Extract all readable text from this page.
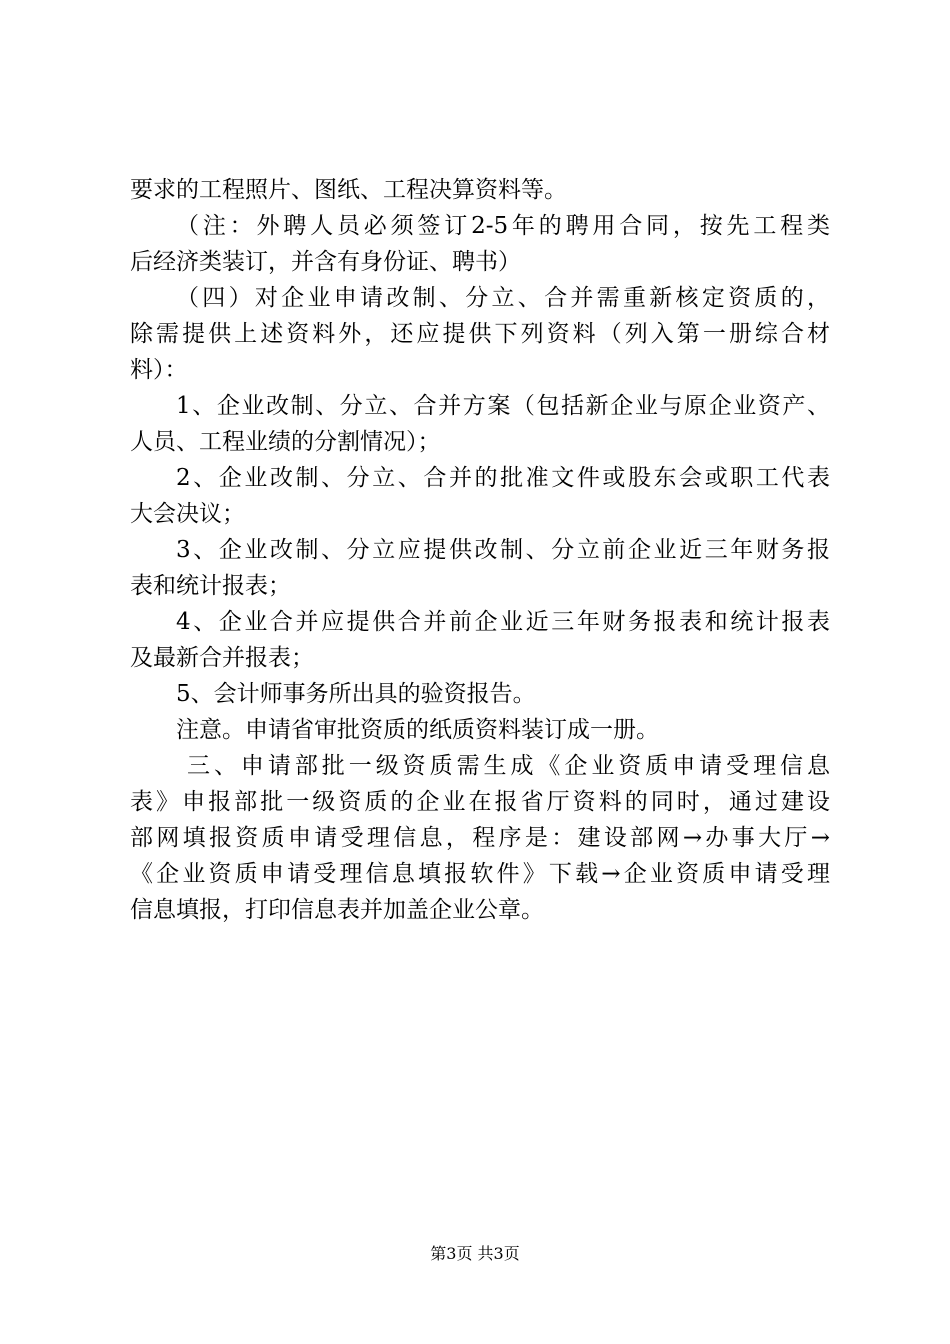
要求的工程照片、图纸、工程决算资料等。
（注：外聘人员必须签订2-5年的聘用合同，按先工程类
后经济类装订，并含有身份证、聘书）
（四）对企业申请改制、分立、合并需重新核定资质的，
除需提供上述资料外，还应提供下列资料（列入第一册综合材
料）：
1、企业改制、分立、合并方案（包括新企业与原企业资产、
人员、工程业绩的分割情况）；
2、企业改制、分立、合并的批准文件或股东会或职工代表
大会决议；
3、企业改制、分立应提供改制、分立前企业近三年财务报
表和统计报表；
4、企业合并应提供合并前企业近三年财务报表和统计报表
及最新合并报表；
5、会计师事务所出具的验资报告。
注意。申请省审批资质的纸质资料装订成一册。
三、申请部批一级资质需生成《企业资质申请受理信息
表》申报部批一级资质的企业在报省厅资料的同时，通过建设
部网填报资质申请受理信息，程序是：建设部网→办事大厅→
《企业资质申请受理信息填报软件》下载→企业资质申请受理
信息填报，打印信息表并加盖企业公章。
第3页 共3页
